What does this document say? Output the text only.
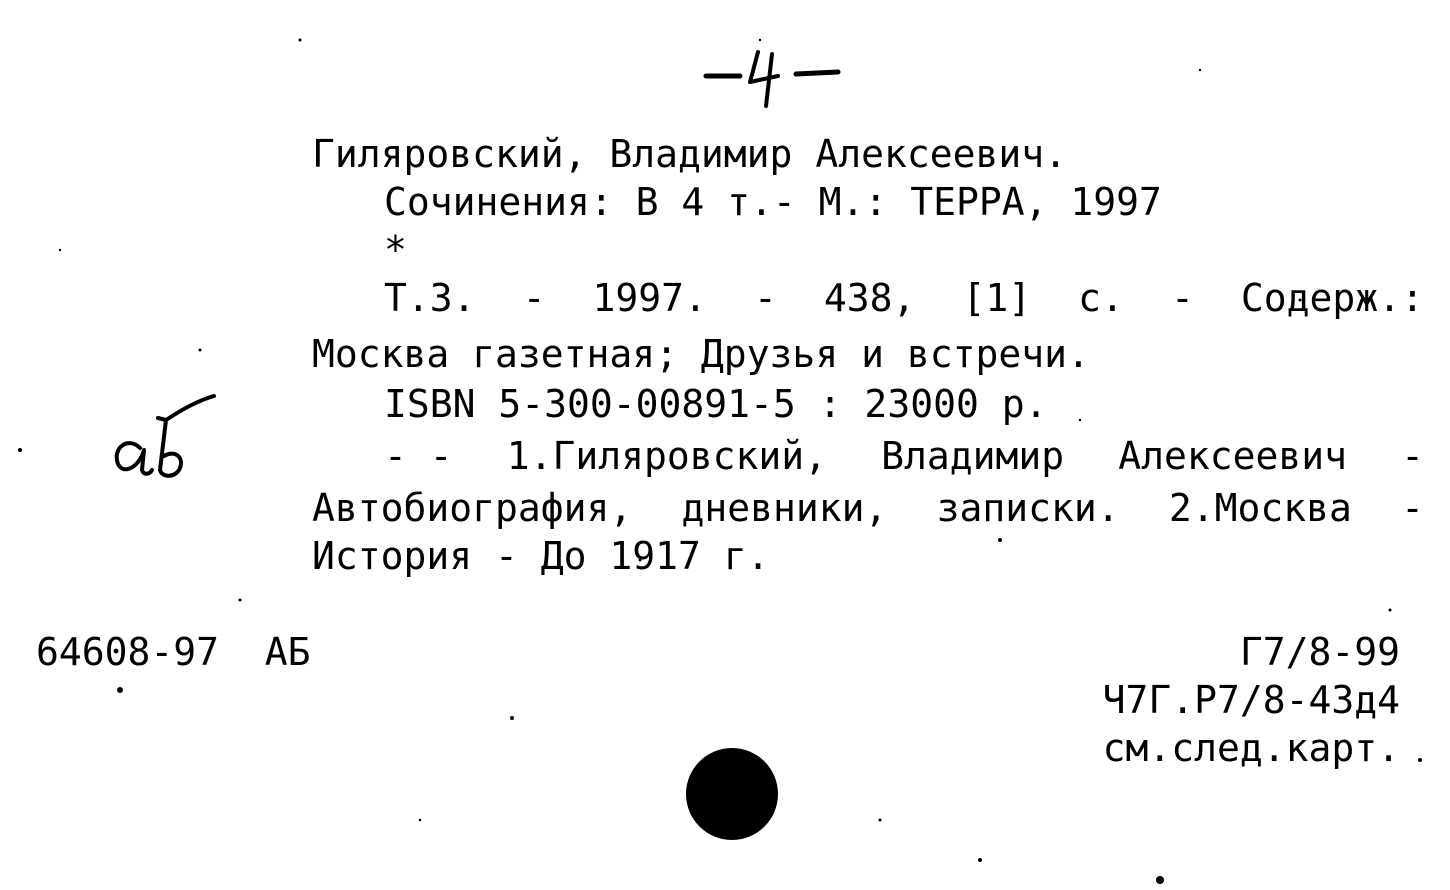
Гиляровский, Владимир Алексеевич.
Сочинения: В 4 т.- М.: ТЕРРА, 1997
*
Т.3. - 1997. - 438, [1] с. - Содерж.:
Москва газетная; Друзья и встречи.
ISBN 5-300-00891-5 : 23000 р.
- - 1.Гиляровский, Владимир Алексеевич -
Автобиография, дневники, записки. 2.Москва -
История - До 1917 г.
64608-97  АБ	Г7/8-99
Ч7Г.Р7/8-43д4
см.след.карт.
